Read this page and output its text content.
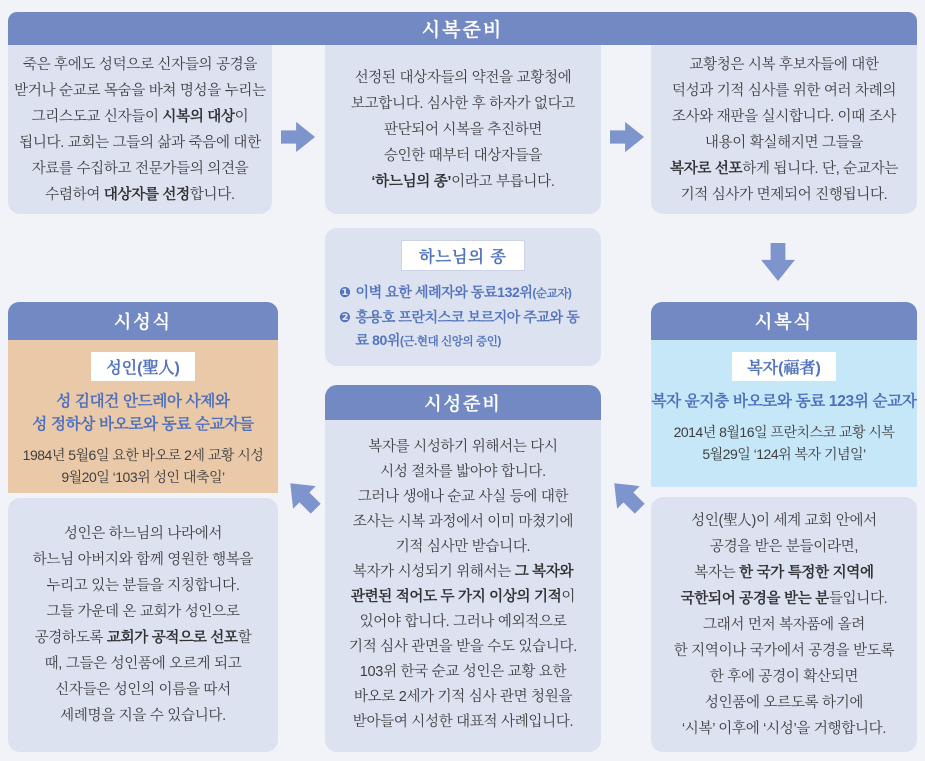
시복준비
죽은 후에도 성덕으로 신자들의 공경을
받거나 순교로 목숨을 바쳐 명성을 누리는
그리스도교 신자들이 시복의 대상이
됩니다. 교회는 그들의 삶과 죽음에 대한
자료를 수집하고 전문가들의 의견을
수렴하여 대상자를 선정합니다.
선정된 대상자들의 약전을 교황청에
보고합니다. 심사한 후 하자가 없다고
판단되어 시복을 추진하면
승인한 때부터 대상자들을
‘하느님의 종’이라고 부릅니다.
교황청은 시복 후보자들에 대한
덕성과 기적 심사를 위한 여러 차례의
조사와 재판을 실시합니다. 이때 조사
내용이 확실해지면 그들을
복자로 선포하게 됩니다. 단, 순교자는
기적 심사가 면제되어 진행됩니다.
하느님의 종
❶ 이벽 요한 세례자와 동료132위(순교자)
❷ 홍용호 프란치스코 보르지아 주교와 동료 80위(근.현대 신앙의 증인)
시성식
성인(聖人)
성 김대건 안드레아 사제와
성 정하상 바오로와 동료 순교자들
1984년 5월6일 요한 바오로 2세 교황 시성
9월20일 ‘103위 성인 대축일’
성인은 하느님의 나라에서
하느님 아버지와 함께 영원한 행복을
누리고 있는 분들을 지칭합니다.
그들 가운데 온 교회가 성인으로
공경하도록 교회가 공적으로 선포할
때, 그들은 성인품에 오르게 되고
신자들은 성인의 이름을 따서
세례명을 지을 수 있습니다.
시성준비
복자를 시성하기 위해서는 다시
시성 절차를 밟아야 합니다.
그러나 생애나 순교 사실 등에 대한
조사는 시복 과정에서 이미 마쳤기에
기적 심사만 받습니다.
복자가 시성되기 위해서는 그 복자와
관련된 적어도 두 가지 이상의 기적이
있어야 합니다. 그러나 예외적으로
기적 심사 관면을 받을 수도 있습니다.
103위 한국 순교 성인은 교황 요한
바오로 2세가 기적 심사 관면 청원을
받아들여 시성한 대표적 사례입니다.
시복식
복자(福者)
복자 윤지충 바오로와 동료 123위 순교자
2014년 8월16일 프란치스코 교황 시복
5월29일 ‘124위 복자 기념일’
성인(聖人)이 세계 교회 안에서
공경을 받은 분들이라면,
복자는 한 국가 특정한 지역에
국한되어 공경을 받는 분들입니다.
그래서 먼저 복자품에 올려
한 지역이나 국가에서 공경을 받도록
한 후에 공경이 확산되면
성인품에 오르도록 하기에
‘시복’ 이후에 ‘시성’을 거행합니다.
